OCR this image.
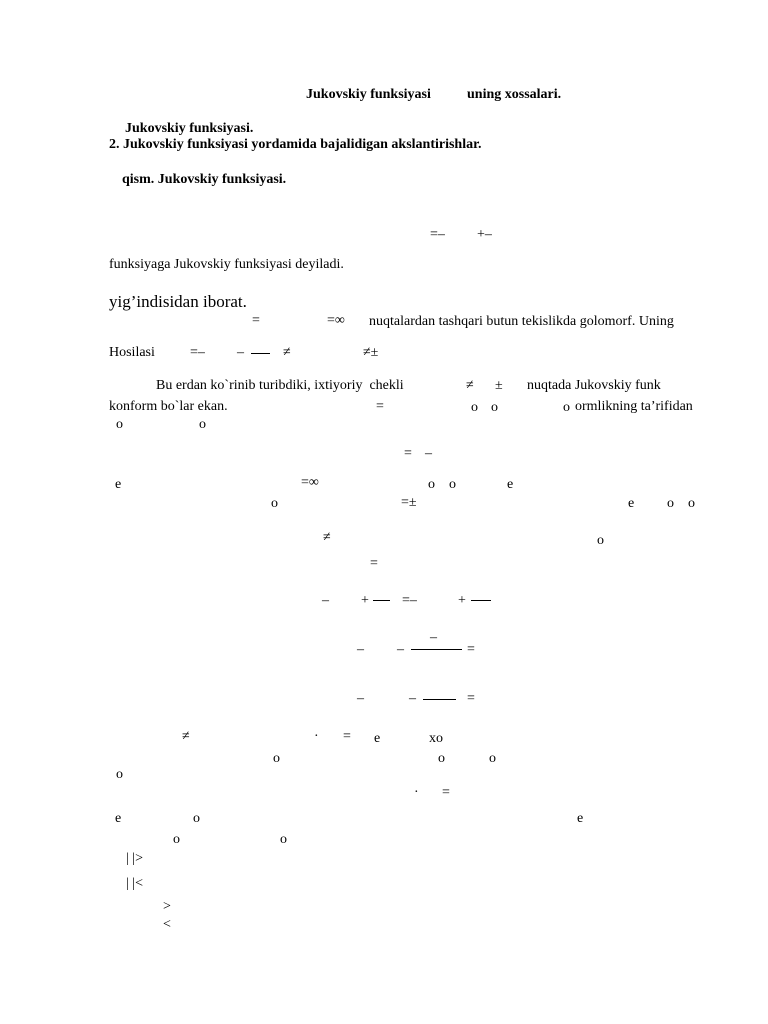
Jukovskiy funksiyasi	uning xossalari.
Jukovskiy funksiyasi.
2. Jukovskiy funksiyasi yordamida bajalidigan akslantirishlar.
qism. Jukovskiy funksiyasi.
=– +–
funksiyaga Jukovskiy funksiyasi deyiladi.
yig’indisidan iborat.
=	=∞ nuqtalardan tashqari butun tekislikda golomorf. Uning
Hosilasi	=– –	≠	≠±
Bu erdan ko`rinib turibdiki, ixtiyoriy  chekli	≠ ± nuqtada Jukovskiy funk
konform bo`lar ekan.	=	o o	o ormlikning ta’rifidan
o	o
= –
e	=∞	o o	e
o	=±	e o o
≠	o
=
– + =–	+
–
– –	=
–	–	=
≠	· = e	xo
o	o	o
o
· =
e	o	e
o	o
| |>
| |<
>
<
